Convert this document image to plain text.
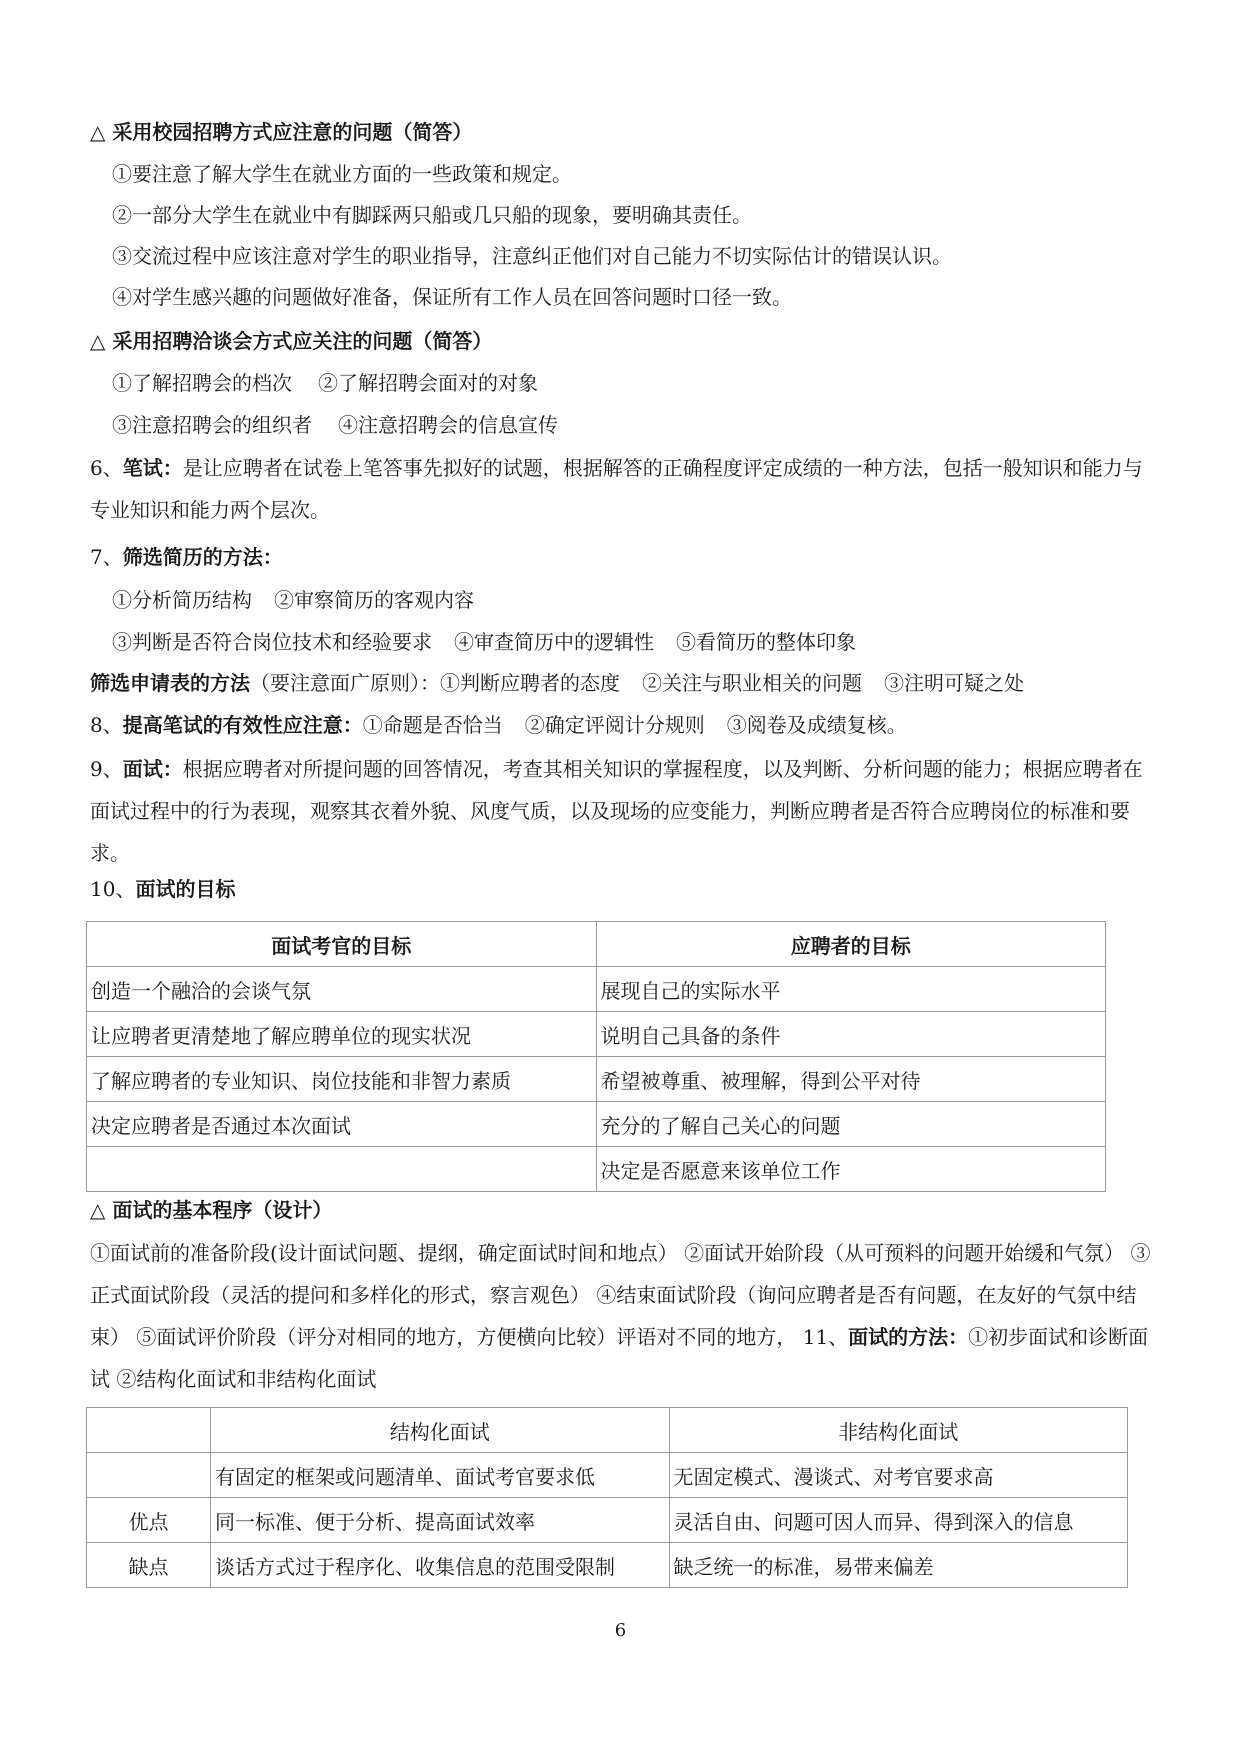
△ 采用校园招聘方式应注意的问题（简答）
①要注意了解大学生在就业方面的一些政策和规定。
②一部分大学生在就业中有脚踩两只船或几只船的现象，要明确其责任。
③交流过程中应该注意对学生的职业指导，注意纠正他们对自己能力不切实际估计的错误认识。
④对学生感兴趣的问题做好准备，保证所有工作人员在回答问题时口径一致。
△ 采用招聘洽谈会方式应关注的问题（简答）
①了解招聘会的档次 ②了解招聘会面对的对象
③注意招聘会的组织者 ④注意招聘会的信息宣传
6、笔试：是让应聘者在试卷上笔答事先拟好的试题，根据解答的正确程度评定成绩的一种方法，包括一般知识和能力与专业知识和能力两个层次。
7、筛选简历的方法：
①分析简历结构 ②审察简历的客观内容
③判断是否符合岗位技术和经验要求 ④审查简历中的逻辑性 ⑤看简历的整体印象
筛选申请表的方法（要注意面广原则）：①判断应聘者的态度 ②关注与职业相关的问题 ③注明可疑之处
8、提高笔试的有效性应注意：①命题是否恰当 ②确定评阅计分规则 ③阅卷及成绩复核。
9、面试：根据应聘者对所提问题的回答情况，考查其相关知识的掌握程度，以及判断、分析问题的能力；根据应聘者在面试过程中的行为表现，观察其衣着外貌、风度气质，以及现场的应变能力，判断应聘者是否符合应聘岗位的标准和要求。
10、面试的目标
面试考官的目标	应聘者的目标
创造一个融洽的会谈气氛	展现自己的实际水平
让应聘者更清楚地了解应聘单位的现实状况	说明自己具备的条件
了解应聘者的专业知识、岗位技能和非智力素质	希望被尊重、被理解，得到公平对待
决定应聘者是否通过本次面试	充分的了解自己关心的问题
	决定是否愿意来该单位工作
△ 面试的基本程序（设计）
①面试前的准备阶段(设计面试问题、提纲，确定面试时间和地点） ②面试开始阶段（从可预料的问题开始缓和气氛） ③正式面试阶段（灵活的提问和多样化的形式，察言观色） ④结束面试阶段（询问应聘者是否有问题，在友好的气氛中结束） ⑤面试评价阶段（评分对相同的地方，方便横向比较）评语对不同的地方， 11、面试的方法：①初步面试和诊断面试 ②结构化面试和非结构化面试
	结构化面试	非结构化面试
	有固定的框架或问题清单、面试考官要求低	无固定模式、漫谈式、对考官要求高
优点	同一标准、便于分析、提高面试效率	灵活自由、问题可因人而异、得到深入的信息
缺点	谈话方式过于程序化、收集信息的范围受限制	缺乏统一的标准，易带来偏差
6
